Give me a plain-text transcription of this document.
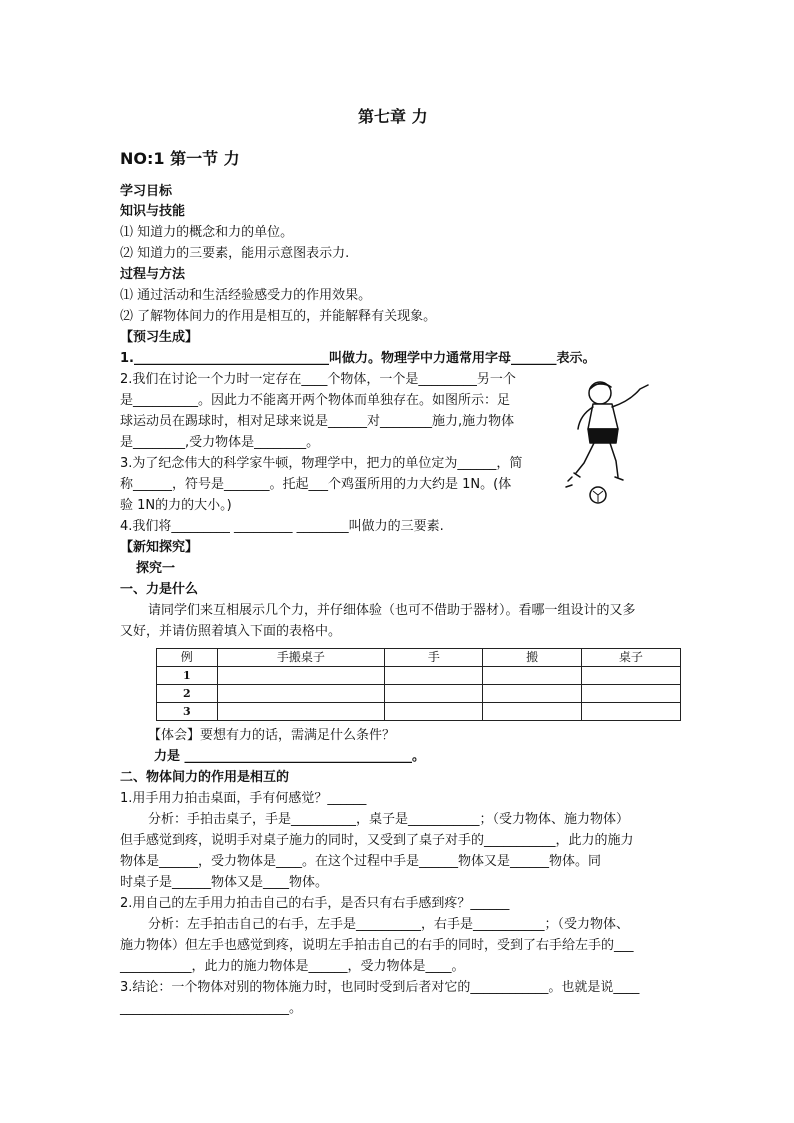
第七章 力
NO:1 第一节 力
学习目标
知识与技能
⑴ 知道力的概念和力的单位。
⑵ 知道力的三要素，能用示意图表示力.
过程与方法
⑴ 通过活动和生活经验感受力的作用效果。
⑵ 了解物体间力的作用是相互的，并能解释有关现象。
【预习生成】
1.______________________________叫做力。物理学中力通常用字母_______表示。
2.我们在讨论一个力时一定存在____个物体，一个是_________另一个
是__________。因此力不能离开两个物体而单独存在。如图所示：足
球运动员在踢球时，相对足球来说是______对________施力,施力物体
是________,受力物体是________。
3.为了纪念伟大的科学家牛顿，物理学中，把力的单位定为______，简
称______，符号是_______。托起___个鸡蛋所用的力大约是 1N。(体
验 1N的力的大小。)
4.我们将_________ _________ ________叫做力的三要素.
【新知探究】
探究一
一、力是什么
请同学们来互相展示几个力，并仔细体验（也可不借助于器材）。看哪一组设计的又多
又好，并请仿照着填入下面的表格中。
例	手搬桌子	手	搬	桌子
1				
2				
3				
【体会】要想有力的话，需满足什么条件？
力是 ___________________________________。
二、物体间力的作用是相互的
1.用手用力拍击桌面，手有何感觉？______
分析：手拍击桌子，手是__________，桌子是___________；（受力物体、施力物体）
但手感觉到疼，说明手对桌子施力的同时，又受到了桌子对手的___________，此力的施力
物体是______，受力物体是____。在这个过程中手是______物体又是______物体。同
时桌子是______物体又是____物体。
2.用自己的左手用力拍击自己的右手，是否只有右手感到疼？______
分析：左手拍击自己的右手，左手是__________，右手是___________；（受力物体、
施力物体）但左手也感觉到疼，说明左手拍击自己的右手的同时，受到了右手给左手的___
___________，此力的施力物体是______，受力物体是____。
3.结论：一个物体对别的物体施力时，也同时受到后者对它的____________。也就是说____
__________________________。
